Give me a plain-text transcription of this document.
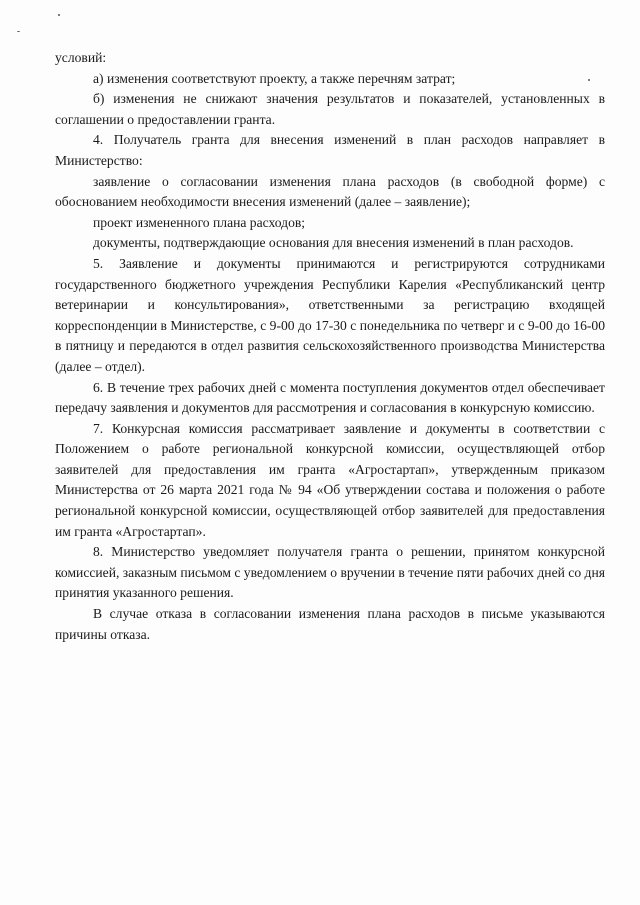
условий:

а) изменения соответствуют проекту, а также перечням затрат;

б) изменения не снижают значения результатов и показателей, установленных в соглашении о предоставлении гранта.

4. Получатель гранта для внесения изменений в план расходов направляет в Министерство:

заявление о согласовании изменения плана расходов (в свободной форме) с обоснованием необходимости внесения изменений (далее – заявление);

проект измененного плана расходов;

документы, подтверждающие основания для внесения изменений в план расходов.

5. Заявление и документы принимаются и регистрируются сотрудниками государственного бюджетного учреждения Республики Карелия «Республиканский центр ветеринарии и консультирования», ответственными за регистрацию входящей корреспонденции в Министерстве, с 9-00 до 17-30 с понедельника по четверг и с 9-00 до 16-00 в пятницу и передаются в отдел развития сельскохозяйственного производства Министерства (далее – отдел).

6. В течение трех рабочих дней с момента поступления документов отдел обеспечивает передачу заявления и документов для рассмотрения и согласования в конкурсную комиссию.

7. Конкурсная комиссия рассматривает заявление и документы в соответствии с Положением о работе региональной конкурсной комиссии, осуществляющей отбор заявителей для предоставления им гранта «Агростартап», утвержденным приказом Министерства от 26 марта 2021 года № 94 «Об утверждении состава и положения о работе региональной конкурсной комиссии, осуществляющей отбор заявителей для предоставления им гранта «Агростартап».

8. Министерство уведомляет получателя гранта о решении, принятом конкурсной комиссией, заказным письмом с уведомлением о вручении в течение пяти рабочих дней со дня принятия указанного решения.

В случае отказа в согласовании изменения плана расходов в письме указываются причины отказа.
